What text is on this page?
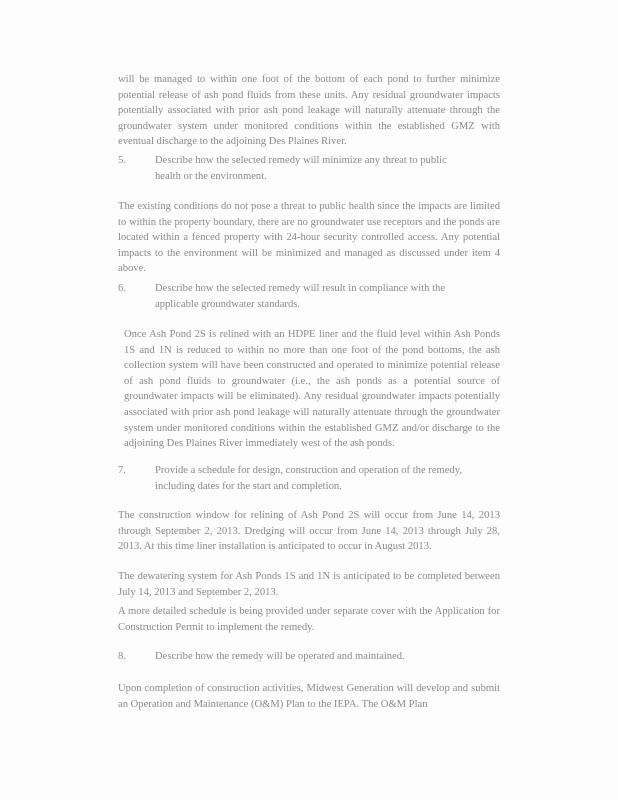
will be managed to within one foot of the bottom of each pond to further minimize potential release of ash pond fluids from these units. Any residual groundwater impacts potentially associated with prior ash pond leakage will naturally attenuate through the groundwater system under monitored conditions within the established GMZ with eventual discharge to the adjoining Des Plaines River.

5.	Describe how the selected remedy will minimize any threat to public health or the environment.

The existing conditions do not pose a threat to public health since the impacts are limited to within the property boundary, there are no groundwater use receptors and the ponds are located within a fenced property with 24-hour security controlled access. Any potential impacts to the environment will be minimized and managed as discussed under item 4 above.

6.	Describe how the selected remedy will result in compliance with the applicable groundwater standards.

Once Ash Pond 2S is relined with an HDPE liner and the fluid level within Ash Ponds 1S and 1N is reduced to within no more than one foot of the pond bottoms, the ash collection system will have been constructed and operated to minimize potential release of ash pond fluids to groundwater (i.e., the ash ponds as a potential source of groundwater impacts will be eliminated). Any residual groundwater impacts potentially associated with prior ash pond leakage will naturally attenuate through the groundwater system under monitored conditions within the established GMZ and/or discharge to the adjoining Des Plaines River immediately west of the ash ponds.

7.	Provide a schedule for design, construction and operation of the remedy, including dates for the start and completion.

The construction window for relining of Ash Pond 2S will occur from June 14, 2013 through September 2, 2013. Dredging will occur from June 14, 2013 through July 28, 2013. At this time liner installation is anticipated to occur in August 2013.

The dewatering system for Ash Ponds 1S and 1N is anticipated to be completed between July 14, 2013 and September 2, 2013.

A more detailed schedule is being provided under separate cover with the Application for Construction Permit to implement the remedy.

8.	Describe how the remedy will be operated and maintained.

Upon completion of construction activities, Midwest Generation will develop and submit an Operation and Maintenance (O&M) Plan to the IEPA. The O&M Plan
